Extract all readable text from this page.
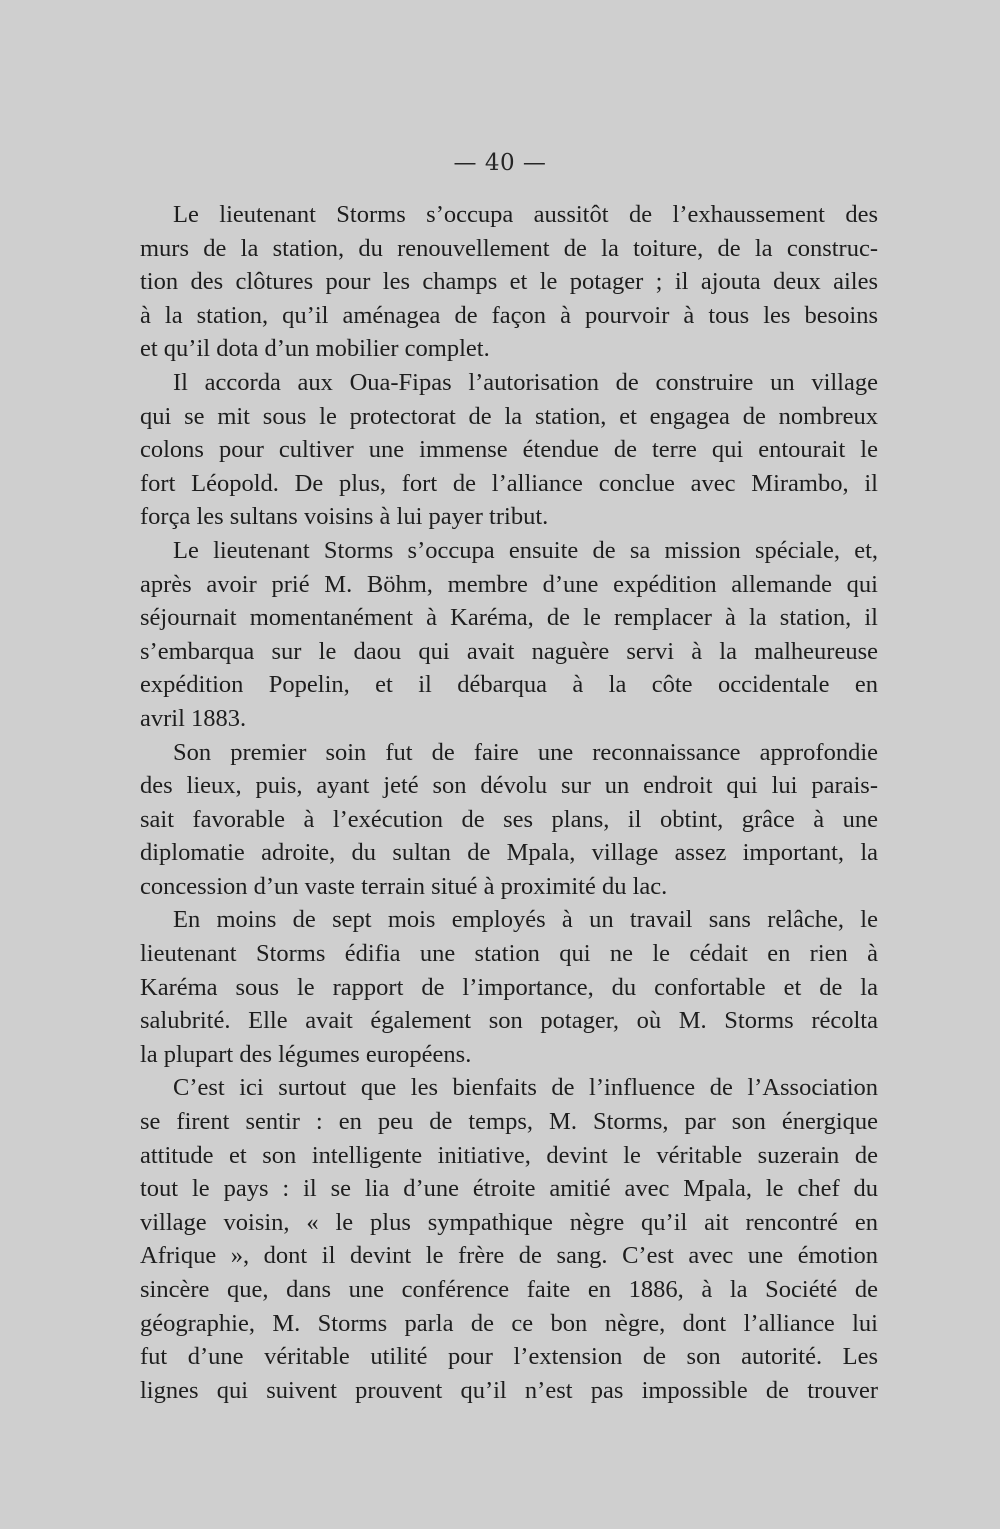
— 40 —
Le lieutenant Storms s’occupa aussitôt de l’exhaussement des
murs de la station, du renouvellement de la toiture, de la construc-
tion des clôtures pour les champs et le potager ; il ajouta deux ailes
à la station, qu’il aménagea de façon à pourvoir à tous les besoins
et qu’il dota d’un mobilier complet.
Il accorda aux Oua-Fipas l’autorisation de construire un village
qui se mit sous le protectorat de la station, et engagea de nombreux
colons pour cultiver une immense étendue de terre qui entourait le
fort Léopold. De plus, fort de l’alliance conclue avec Mirambo, il
força les sultans voisins à lui payer tribut.
Le lieutenant Storms s’occupa ensuite de sa mission spéciale, et,
après avoir prié M. Böhm, membre d’une expédition allemande qui
séjournait momentanément à Karéma, de le remplacer à la station, il
s’embarqua sur le daou qui avait naguère servi à la malheureuse
expédition Popelin, et il débarqua à la côte occidentale en
avril 1883.
Son premier soin fut de faire une reconnaissance approfondie
des lieux, puis, ayant jeté son dévolu sur un endroit qui lui parais-
sait favorable à l’exécution de ses plans, il obtint, grâce à une
diplomatie adroite, du sultan de Mpala, village assez important, la
concession d’un vaste terrain situé à proximité du lac.
En moins de sept mois employés à un travail sans relâche, le
lieutenant Storms édifia une station qui ne le cédait en rien à
Karéma sous le rapport de l’importance, du confortable et de la
salubrité. Elle avait également son potager, où M. Storms récolta
la plupart des légumes européens.
C’est ici surtout que les bienfaits de l’influence de l’Association
se firent sentir : en peu de temps, M. Storms, par son énergique
attitude et son intelligente initiative, devint le véritable suzerain de
tout le pays : il se lia d’une étroite amitié avec Mpala, le chef du
village voisin, « le plus sympathique nègre qu’il ait rencontré en
Afrique », dont il devint le frère de sang. C’est avec une émotion
sincère que, dans une conférence faite en 1886, à la Société de
géographie, M. Storms parla de ce bon nègre, dont l’alliance lui
fut d’une véritable utilité pour l’extension de son autorité. Les
lignes qui suivent prouvent qu’il n’est pas impossible de trouver
